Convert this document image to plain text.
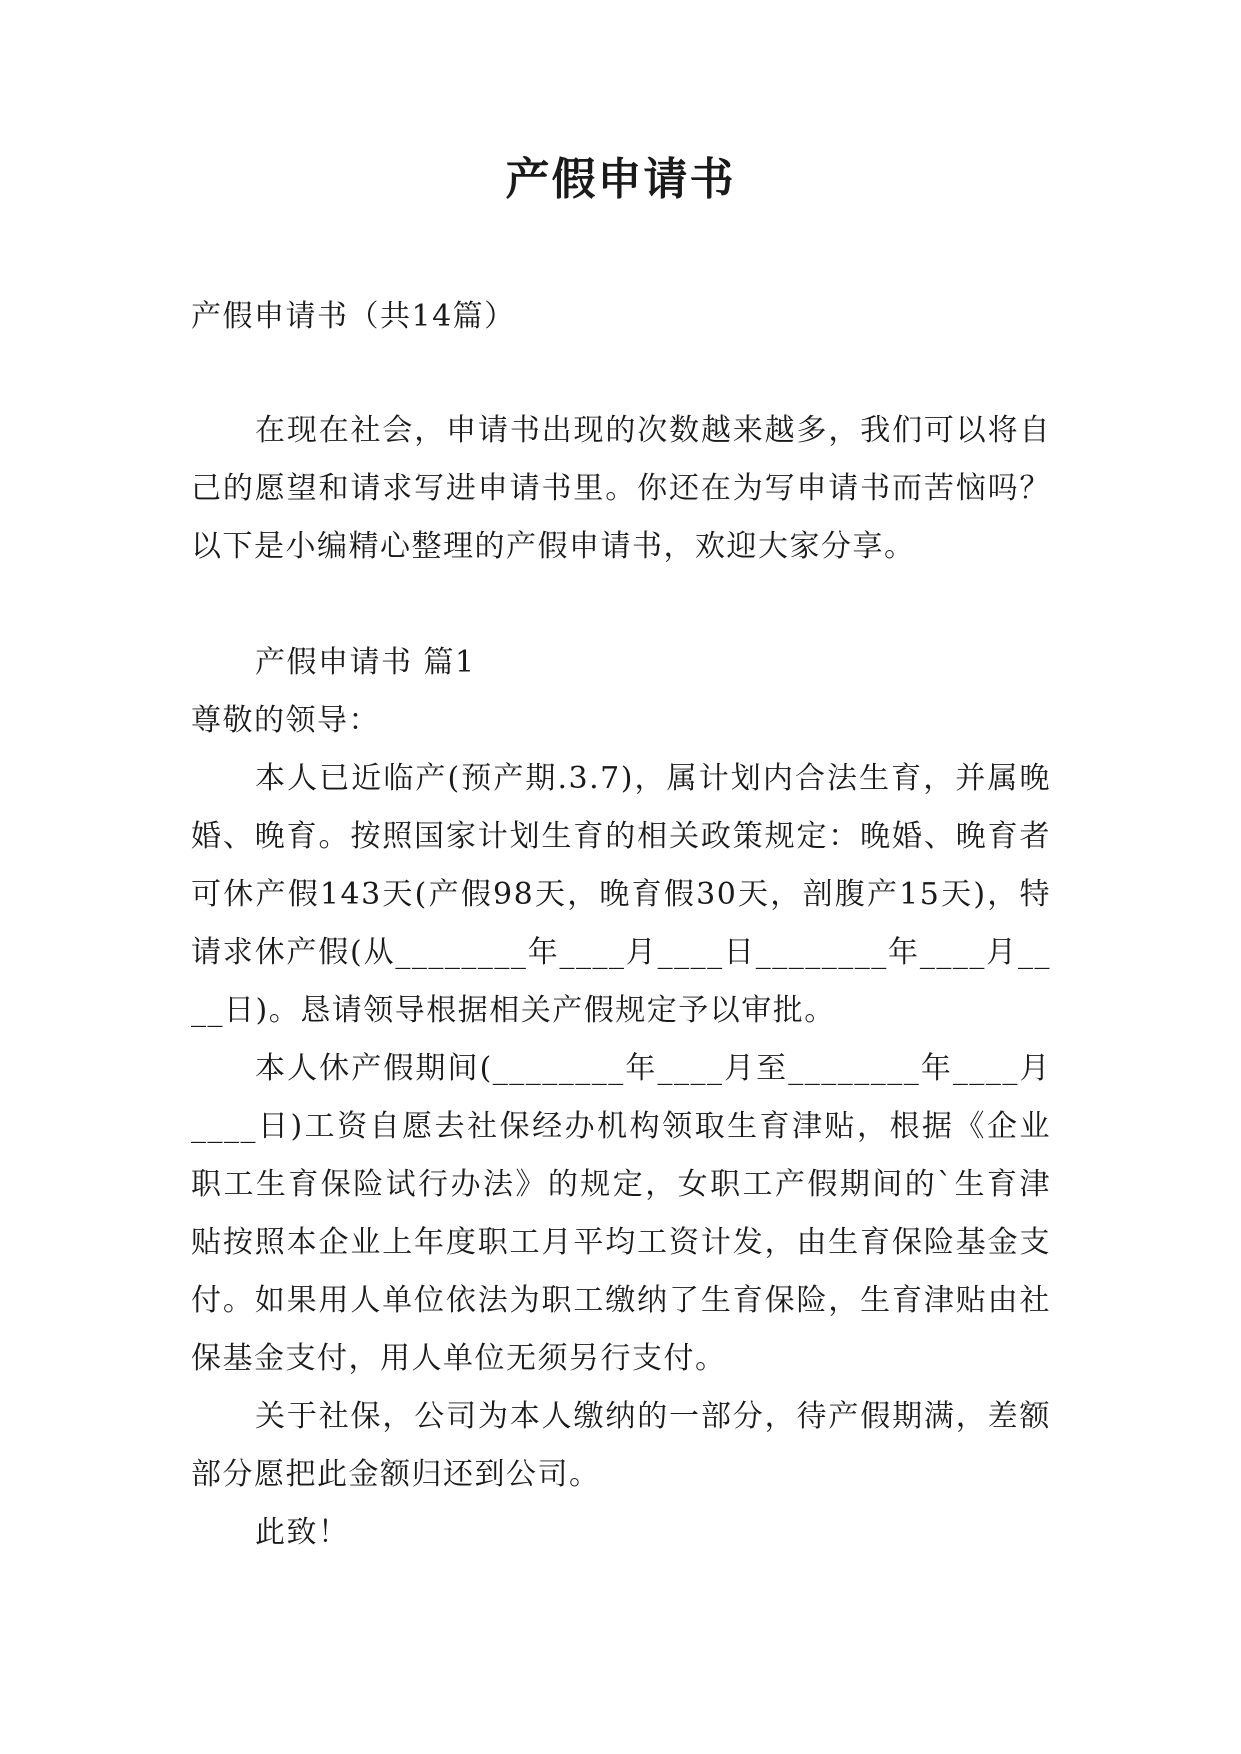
产假申请书

产假申请书（共14篇）

在现在社会，申请书出现的次数越来越多，我们可以将自己的愿望和请求写进申请书里。你还在为写申请书而苦恼吗？以下是小编精心整理的产假申请书，欢迎大家分享。

产假申请书 篇1

尊敬的领导：

本人已近临产(预产期.3.7)，属计划内合法生育，并属晚婚、晚育。按照国家计划生育的相关政策规定：晚婚、晚育者可休产假143天(产假98天，晚育假30天，剖腹产15天)，特请求休产假(从________年____月____日________年____月____日)。恳请领导根据相关产假规定予以审批。

本人休产假期间(________年____月至________年____月____日)工资自愿去社保经办机构领取生育津贴，根据《企业职工生育保险试行办法》的规定，女职工产假期间的`生育津贴按照本企业上年度职工月平均工资计发，由生育保险基金支付。如果用人单位依法为职工缴纳了生育保险，生育津贴由社保基金支付，用人单位无须另行支付。

关于社保，公司为本人缴纳的一部分，待产假期满，差额部分愿把此金额归还到公司。

此致！
